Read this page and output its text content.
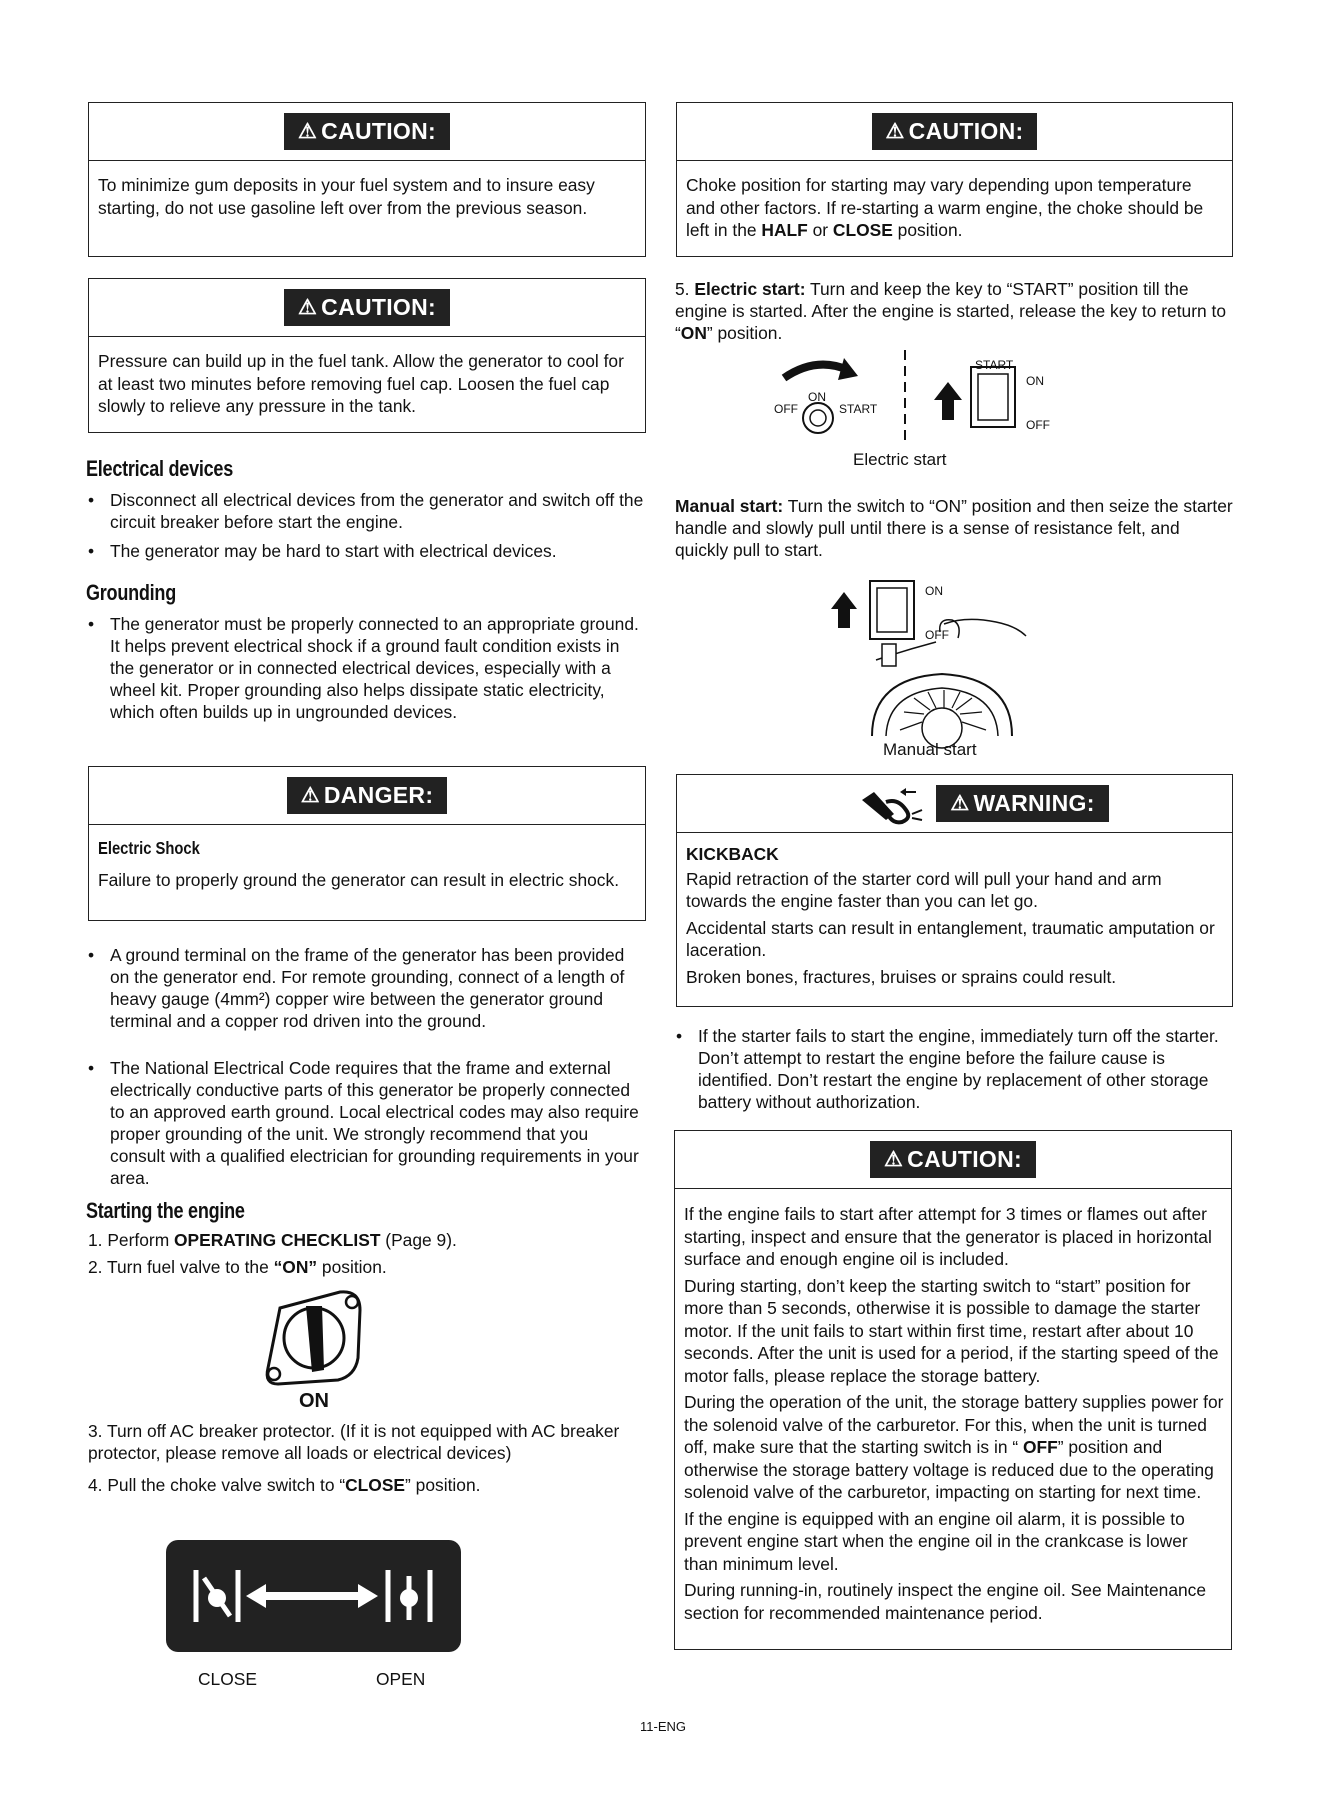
⚠ CAUTION:

To minimize gum deposits in your fuel system and to insure easy starting, do not use gasoline left over from the previous season.

⚠ CAUTION:

Pressure can build up in the fuel tank. Allow the generator to cool for at least two minutes before removing fuel cap. Loosen the fuel cap slowly to relieve any pressure in the tank.

Electrical devices
• Disconnect all electrical devices from the generator and switch off the circuit breaker before start the engine.
• The generator may be hard to start with electrical devices.
Grounding
• The generator must be properly connected to an appropriate ground. It helps prevent electrical shock if a ground fault condition exists in the generator or in connected electrical devices, especially with a wheel kit. Proper grounding also helps dissipate static electricity, which often builds up in ungrounded devices.
⚠ DANGER:

Electric Shock

Failure to properly ground the generator can result in electric shock.

• A ground terminal on the frame of the generator has been provided on the generator end. For remote grounding, connect of a length of heavy gauge (4mm²) copper wire between the generator ground terminal and a copper rod driven into the ground.
• The National Electrical Code requires that the frame and external electrically conductive parts of this generator be properly connected to an approved earth ground. Local electrical codes may also require proper grounding of the unit. We strongly recommend that you consult with a qualified electrician for grounding requirements in your area.
Starting the engine
1. Perform OPERATING CHECKLIST (Page 9).
2. Turn fuel valve to the “ON” position.
ON
3. Turn off AC breaker protector. (If it is not equipped with AC breaker protector, please remove all loads or electrical devices)
4. Pull the choke valve switch to “CLOSE” position.
CLOSE	OPEN
⚠ CAUTION:

Choke position for starting may vary depending upon temperature and other factors. If re-starting a warm engine, the choke should be left in the HALF or CLOSE position.

5. Electric start: Turn and keep the key to “START” position till the engine is started. After the engine is started, release the key to return to “ON” position.
ON
OFF	START
START
ON
OFF
Electric start
Manual start: Turn the switch to “ON” position and then seize the starter handle and slowly pull until there is a sense of resistance felt, and quickly pull to start.
ON
OFF
Manual start
⚠ WARNING:

KICKBACK

Rapid retraction of the starter cord will pull your hand and arm towards the engine faster than you can let go.

Accidental starts can result in entanglement, traumatic amputation or laceration.

Broken bones, fractures, bruises or sprains could result.

• If the starter fails to start the engine, immediately turn off the starter. Don’t attempt to restart the engine before the failure cause is identified. Don’t restart the engine by replacement of other storage battery without authorization.
⚠ CAUTION:

If the engine fails to start after attempt for 3 times or flames out after starting, inspect and ensure that the generator is placed in horizontal surface and enough engine oil is included.

During starting, don’t keep the starting switch to “start” position for more than 5 seconds, otherwise it is possible to damage the starter motor. If the unit fails to start within first time, restart after about 10 seconds. After the unit is used for a period, if the starting speed of the motor falls, please replace the storage battery.

During the operation of the unit, the storage battery supplies power for the solenoid valve of the carburetor. For this, when the unit is turned off, make sure that the starting switch is in “ OFF” position and otherwise the storage battery voltage is reduced due to the operating solenoid valve of the carburetor, impacting on starting for next time.

If the engine is equipped with an engine oil alarm, it is possible to prevent engine start when the engine oil in the crankcase is lower than minimum level.

During running-in, routinely inspect the engine oil. See Maintenance section for recommended maintenance period.

11-ENG
